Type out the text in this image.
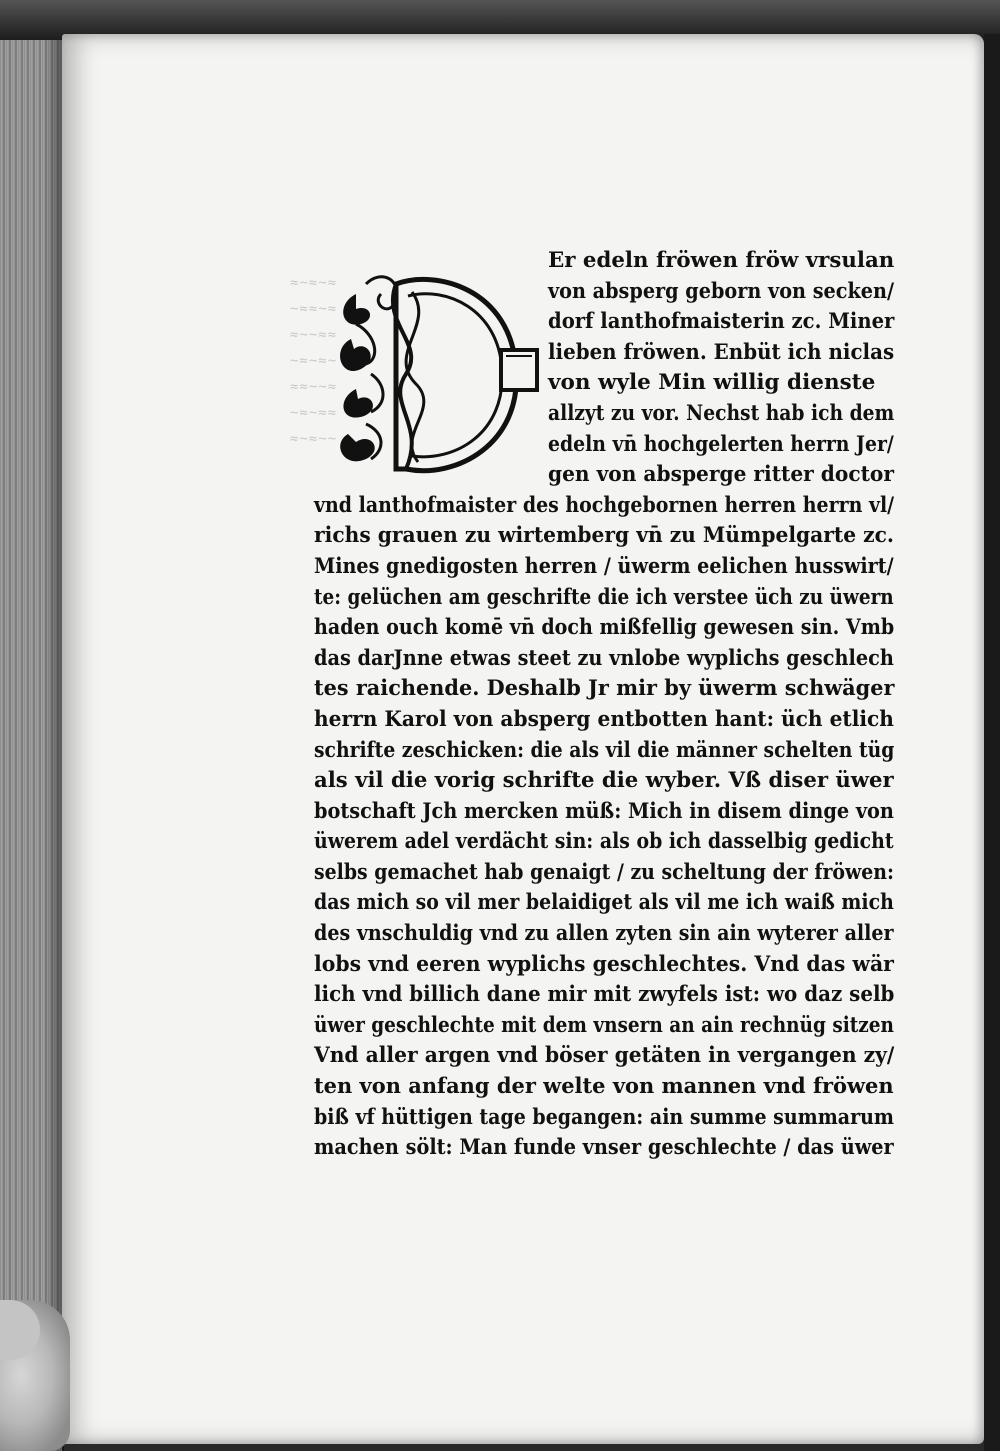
≈~≈~≈
~≈≈~≈
≈~~≈≈
~≈~≈~
≈≈~~≈
~≈~≈≈
≈~≈~~
Er edeln fröwen fröw vrsulan
von absperg geborn von secken/
dorf lanthofmaisterin zc. Miner
lieben fröwen. Enbüt ich niclas
von wyle Min willig dienste
allzyt zu vor. Nechst hab ich dem
edeln vn̄ hochgelerten herrn Jer/
gen von absperge ritter doctor
vnd lanthofmaister des hochgebornen herren herrn vl/
richs grauen zu wirtemberg vn̄ zu Mümpelgarte zc.
Mines gnedigosten herren / üwerm eelichen husswirt/
te: gelüchen am geschrifte die ich verstee üch zu üwern
haden ouch komē vn̄ doch mißfellig gewesen sin. Vmb
das darJnne etwas steet zu vnlobe wyplichs geschlech
tes raichende. Deshalb Jr mir by üwerm schwäger
herrn Karol von absperg entbotten hant: üch etlich
schrifte zeschicken: die als vil die männer schelten tüg
als vil die vorig schrifte die wyber. Vß diser üwer
botschaft Jch mercken müß: Mich in disem dinge von
üwerem adel verdächt sin: als ob ich dasselbig gedicht
selbs gemachet hab genaigt / zu scheltung der fröwen:
das mich so vil mer belaidiget als vil me ich waiß mich
des vnschuldig vnd zu allen zyten sin ain wyterer aller
lobs vnd eeren wyplichs geschlechtes. Vnd das wär
lich vnd billich dane mir mit zwyfels ist: wo daz selb
üwer geschlechte mit dem vnsern an ain rechnüg sitzen
Vnd aller argen vnd böser getäten in vergangen zy/
ten von anfang der welte von mannen vnd fröwen
biß vf hüttigen tage begangen: ain summe summarum
machen sölt: Man funde vnser geschlechte / das üwer
